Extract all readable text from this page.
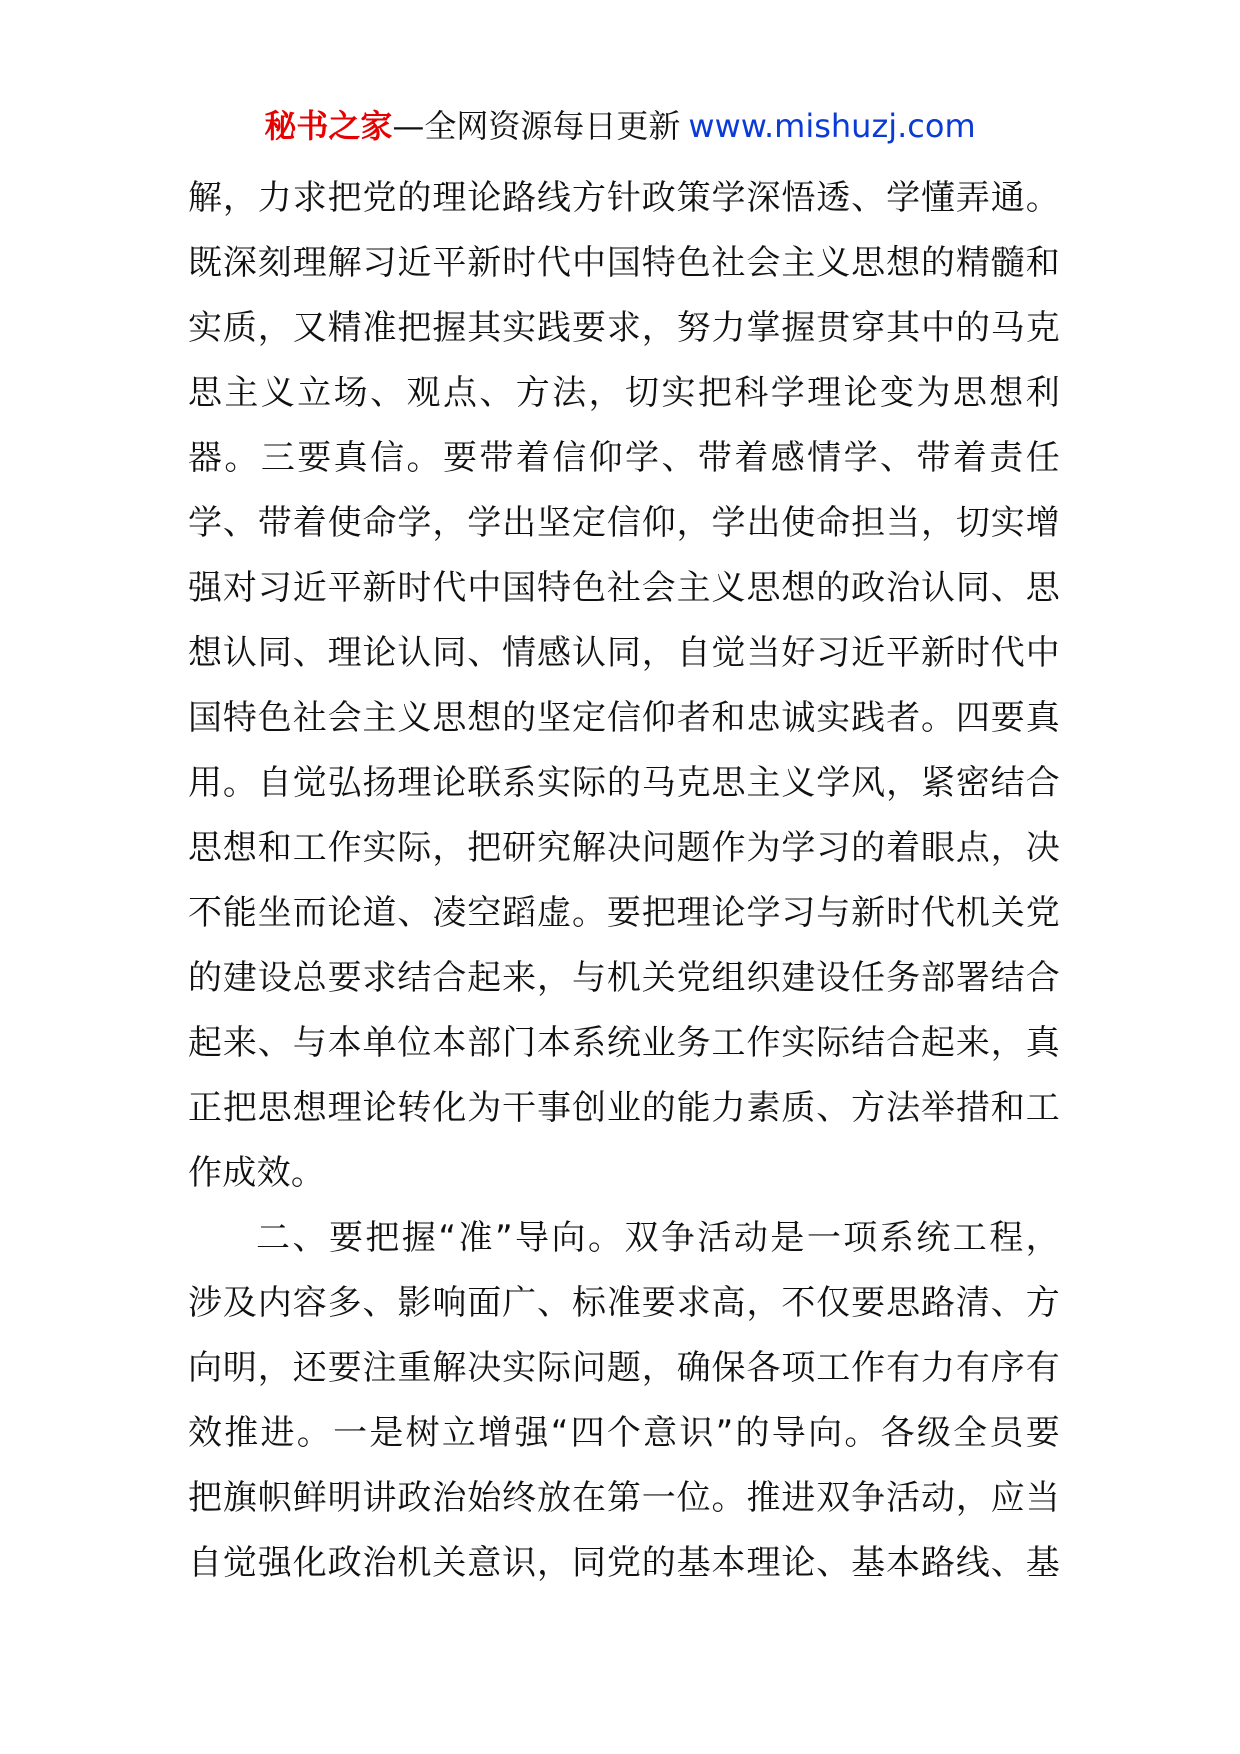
秘书之家—全网资源每日更新 www.mishuzj.com
解，力求把党的理论路线方针政策学深悟透、学懂弄通。
既深刻理解习近平新时代中国特色社会主义思想的精髓和
实质，又精准把握其实践要求，努力掌握贯穿其中的马克
思主义立场、观点、方法，切实把科学理论变为思想利
器。三要真信。要带着信仰学、带着感情学、带着责任
学、带着使命学，学出坚定信仰，学出使命担当，切实增
强对习近平新时代中国特色社会主义思想的政治认同、思
想认同、理论认同、情感认同，自觉当好习近平新时代中
国特色社会主义思想的坚定信仰者和忠诚实践者。四要真
用。自觉弘扬理论联系实际的马克思主义学风，紧密结合
思想和工作实际，把研究解决问题作为学习的着眼点，决
不能坐而论道、凌空蹈虚。要把理论学习与新时代机关党
的建设总要求结合起来，与机关党组织建设任务部署结合
起来、与本单位本部门本系统业务工作实际结合起来，真
正把思想理论转化为干事创业的能力素质、方法举措和工
作成效。
二、要把握“准”导向。双争活动是一项系统工程，
涉及内容多、影响面广、标准要求高，不仅要思路清、方
向明，还要注重解决实际问题，确保各项工作有力有序有
效推进。一是树立增强“四个意识”的导向。各级全员要
把旗帜鲜明讲政治始终放在第一位。推进双争活动，应当
自觉强化政治机关意识，同党的基本理论、基本路线、基
